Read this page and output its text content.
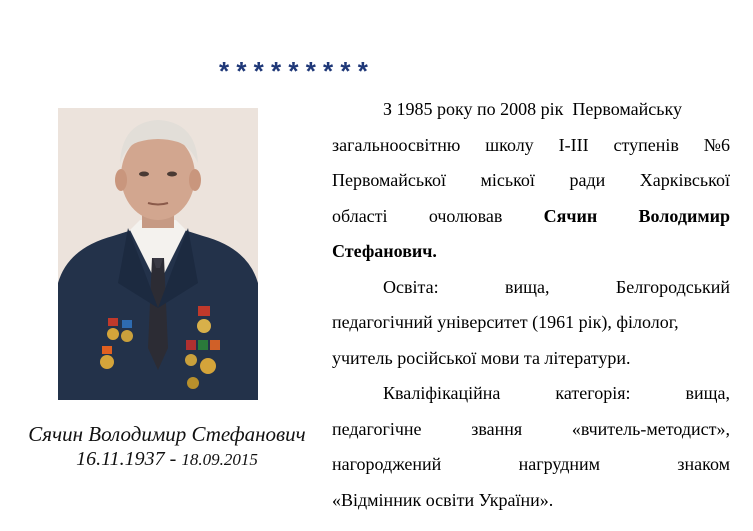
* * * * * * * * *
Сячин Володимир Стефанович
16.11.1937 - 18.09.2015
З 1985 року по 2008 рік  Первомайську
загальноосвітню школу І-ІІІ ступенів №6
Первомайської міської ради Харківської
області очолював Сячин Володимир
Стефанович.
Освіта:	вища,	Белгородський
педагогічний університет (1961 рік), філолог,
учитель російської мови та літератури.
Кваліфікаційна	категорія:	вища,
педагогічне	звання	«вчитель-методист»,
нагороджений	нагрудним	знаком
«Відмінник освіти України».
